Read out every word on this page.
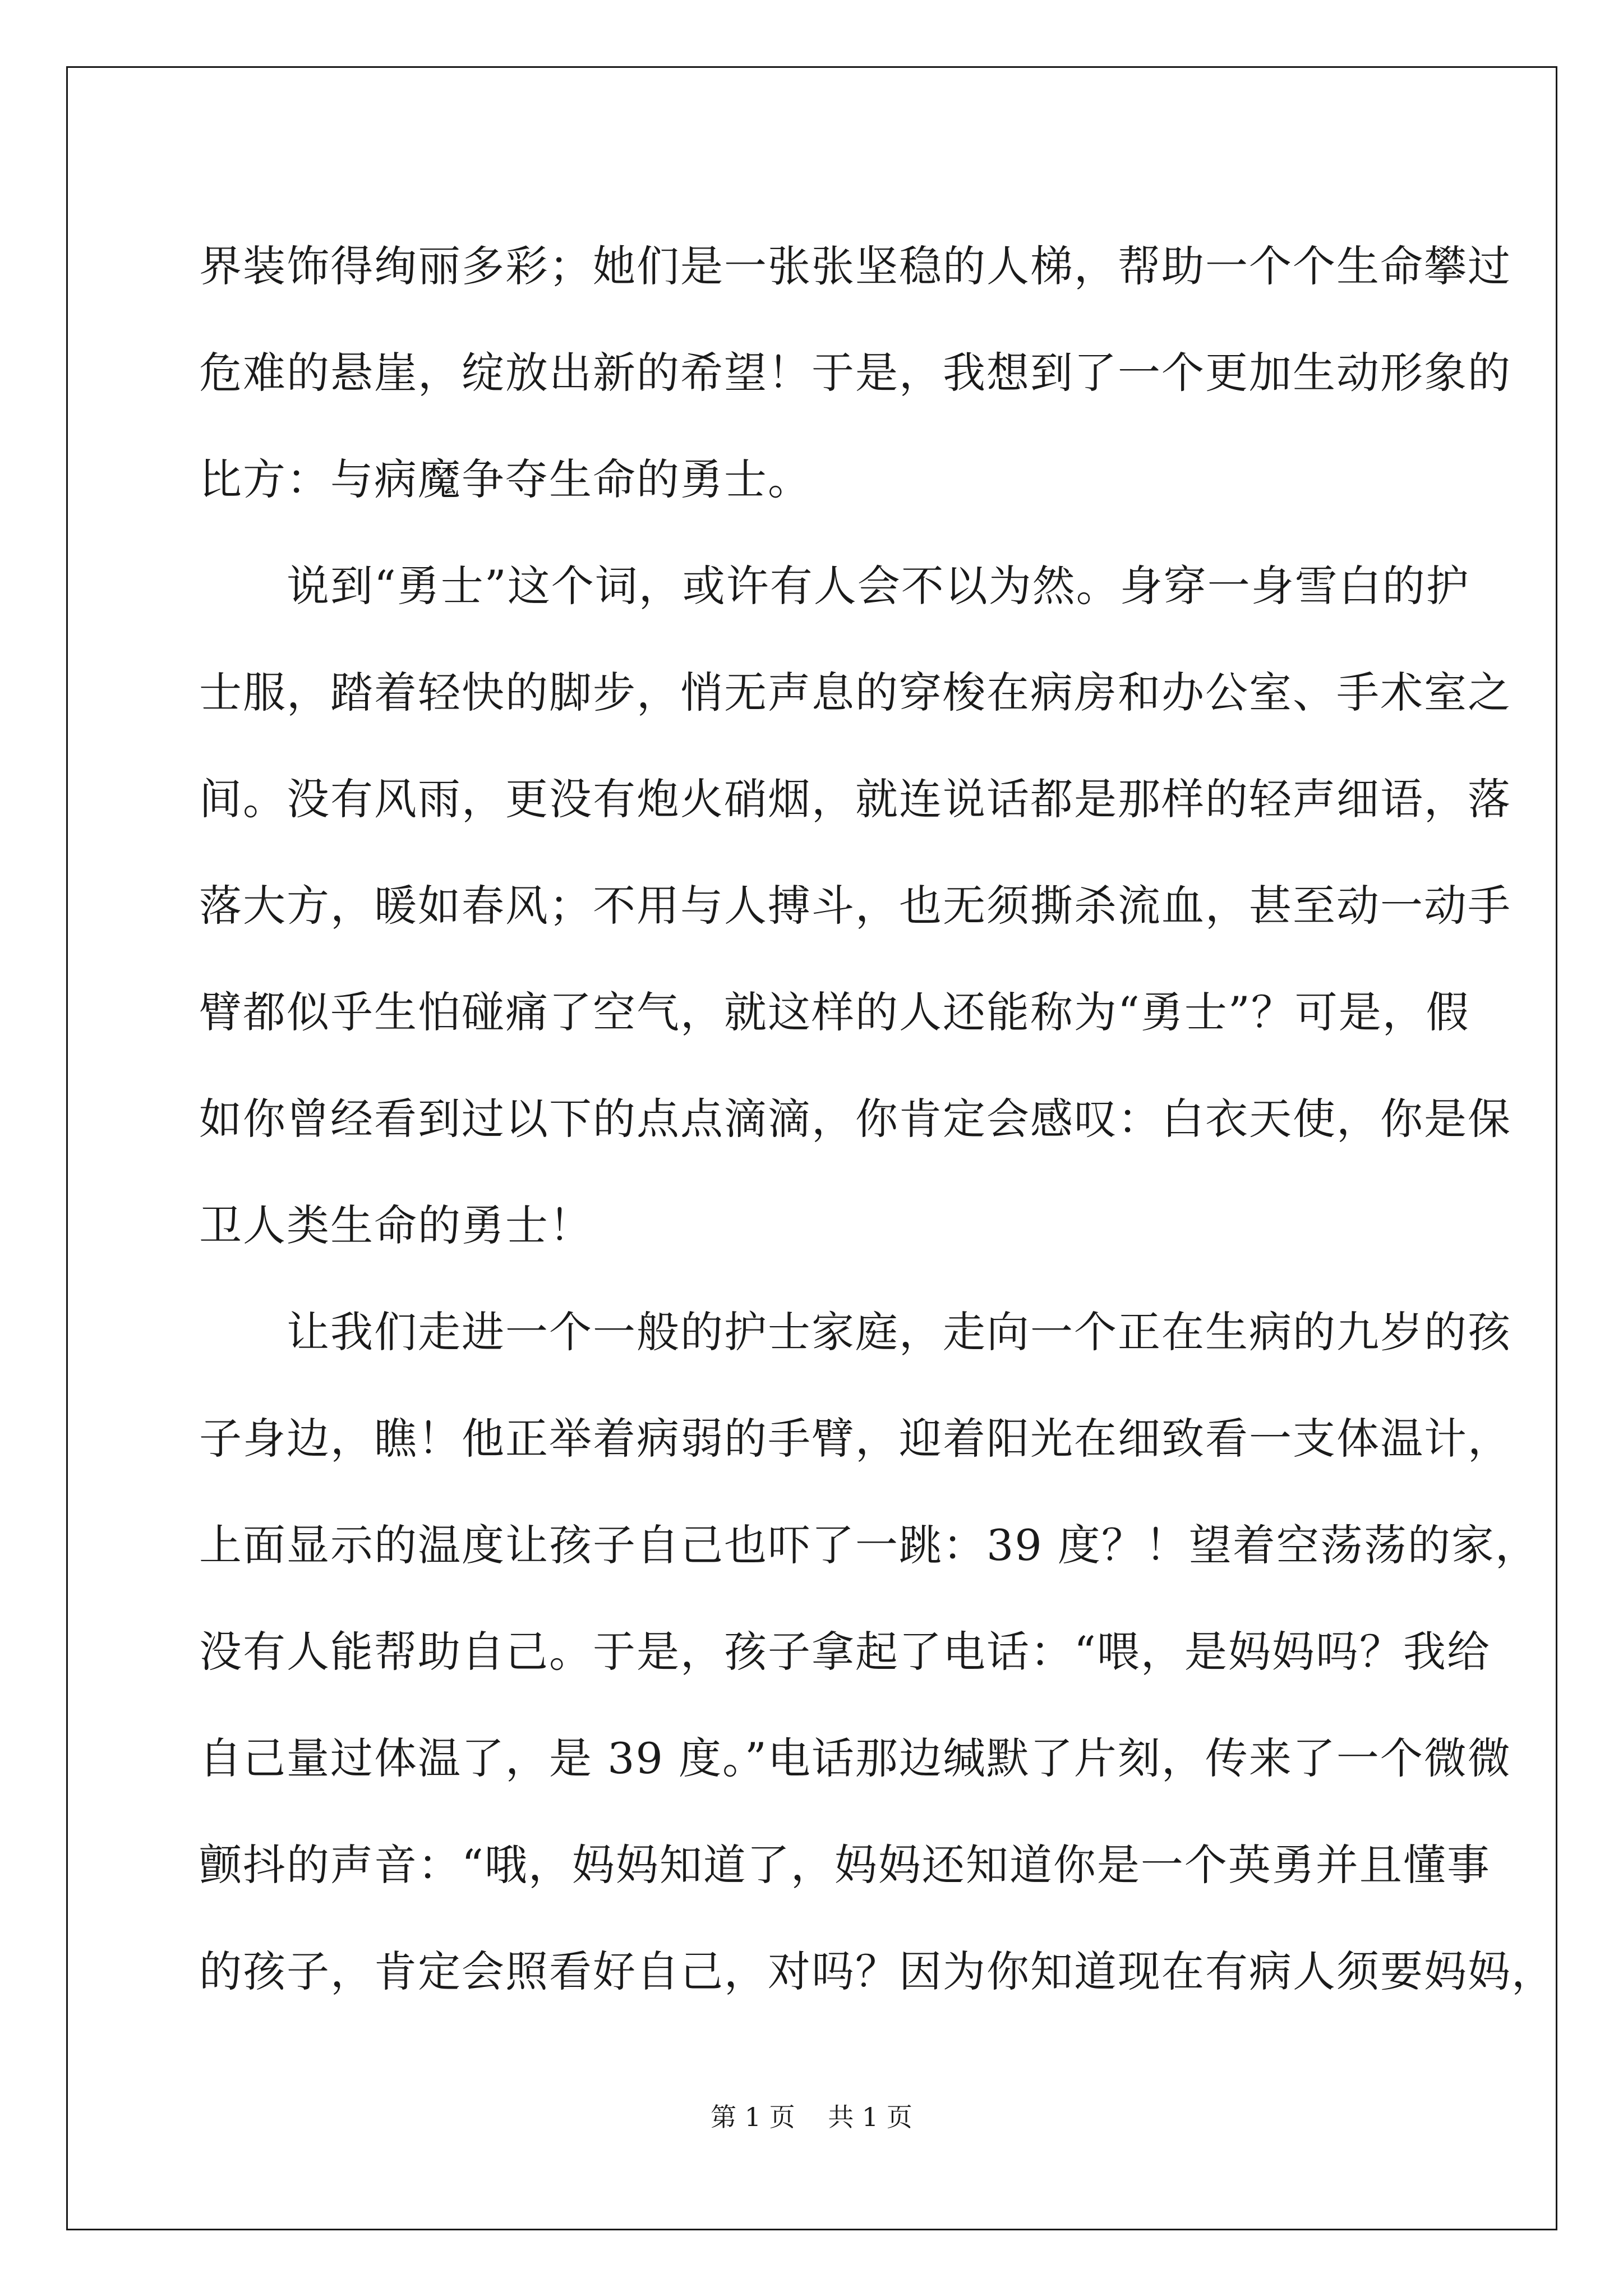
界装饰得绚丽多彩；她们是一张张坚稳的人梯，帮助一个个生命攀过
危难的悬崖，绽放出新的希望！于是，我想到了一个更加生动形象的
比方：与病魔争夺生命的勇士。
　　说到“勇士”这个词，或许有人会不以为然。身穿一身雪白的护
士服，踏着轻快的脚步，悄无声息的穿梭在病房和办公室、手术室之
间。没有风雨，更没有炮火硝烟，就连说话都是那样的轻声细语，落
落大方，暖如春风；不用与人搏斗，也无须撕杀流血，甚至动一动手
臂都似乎生怕碰痛了空气，就这样的人还能称为“勇士”？可是，假
如你曾经看到过以下的点点滴滴，你肯定会感叹：白衣天使，你是保
卫人类生命的勇士！
　　让我们走进一个一般的护士家庭，走向一个正在生病的九岁的孩
子身边，瞧！他正举着病弱的手臂，迎着阳光在细致看一支体温计，
上面显示的温度让孩子自己也吓了一跳：39 度？！望着空荡荡的家，
没有人能帮助自己。于是，孩子拿起了电话：“喂，是妈妈吗？我给
自己量过体温了，是 39 度。”电话那边缄默了片刻，传来了一个微微
颤抖的声音：“哦，妈妈知道了，妈妈还知道你是一个英勇并且懂事
的孩子，肯定会照看好自己，对吗？因为你知道现在有病人须要妈妈，
第 1 页 共 1 页
